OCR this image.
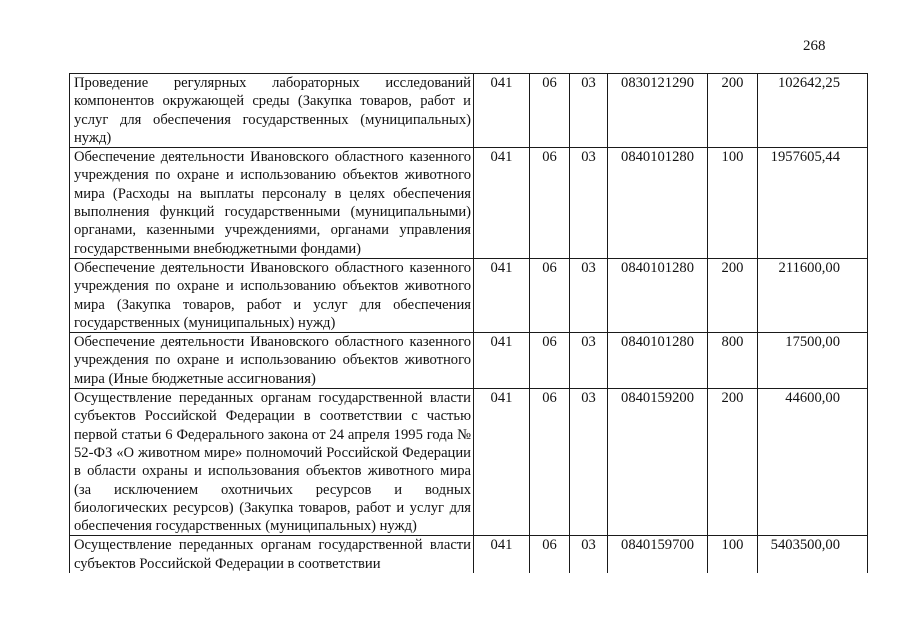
268
Проведение регулярных лабораторных исследований компонентов окружающей среды (Закупка товаров, работ и услуг для обеспечения государственных (муниципальных) нужд)	041	06	03	0830121290	200	102642,25
Обеспечение деятельности Ивановского областного казенного учреждения по охране и использованию объектов животного мира (Расходы на выплаты персоналу в целях обеспечения выполнения функций государственными (муниципальными) органами, казенными учреждениями, органами управления государственными внебюджетными фондами)	041	06	03	0840101280	100	1957605,44
Обеспечение деятельности Ивановского областного казенного учреждения по охране и использованию объектов животного мира (Закупка товаров, работ и услуг для обеспечения государственных (муниципальных) нужд)	041	06	03	0840101280	200	211600,00
Обеспечение деятельности Ивановского областного казенного учреждения по охране и использованию объектов животного мира (Иные бюджетные ассигнования)	041	06	03	0840101280	800	17500,00
Осуществление переданных органам государственной власти субъектов Российской Федерации в соответствии с частью первой статьи 6 Федерального закона от 24 апреля 1995 года № 52-ФЗ «О животном мире» полномочий Российской Федерации в области охраны и использования объектов животного мира (за исключением охотничьих ресурсов и водных биологических ресурсов) (Закупка товаров, работ и услуг для обеспечения государственных (муниципальных) нужд)	041	06	03	0840159200	200	44600,00
Осуществление переданных органам государственной власти субъектов Российской Федерации в соответствии	041	06	03	0840159700	100	5403500,00
